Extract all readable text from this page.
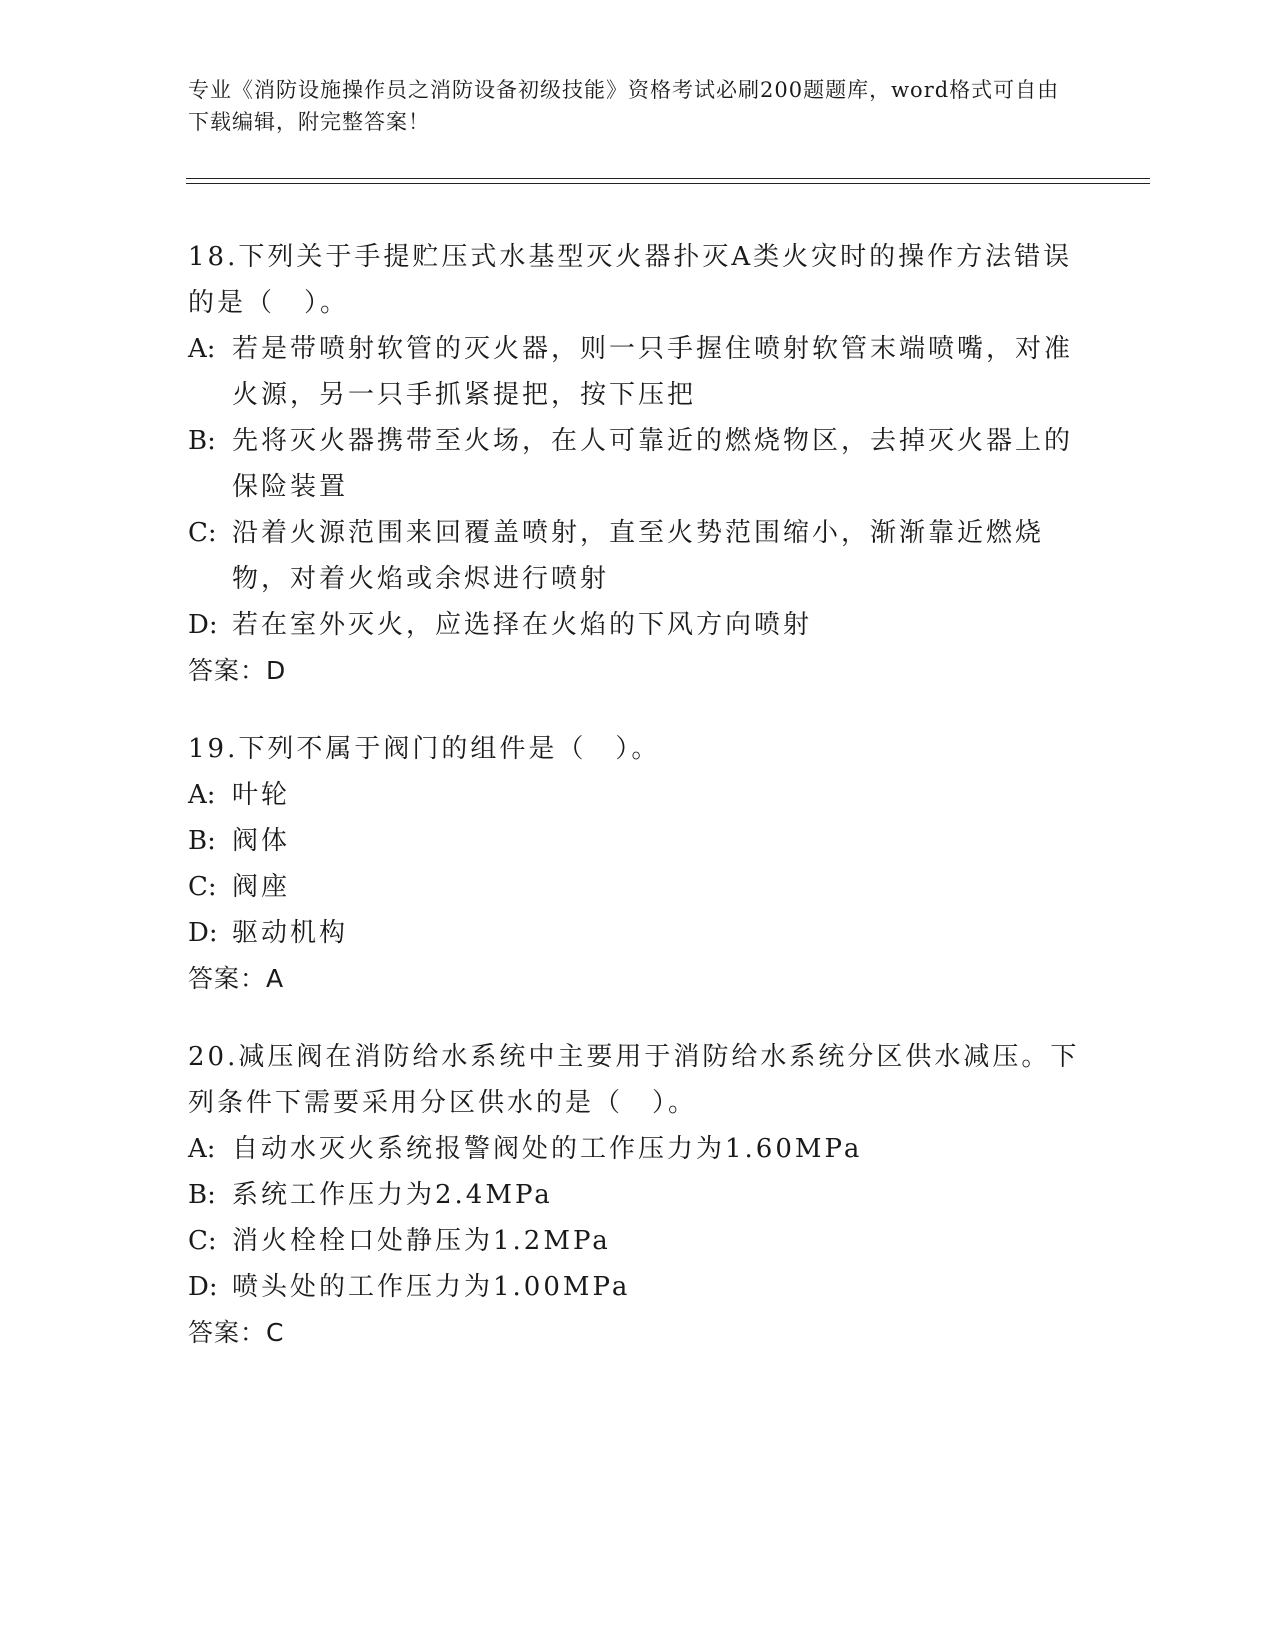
专业《消防设施操作员之消防设备初级技能》资格考试必刷200题题库，word格式可自由下载编辑，附完整答案！

18.下列关于手提贮压式水基型灭火器扑灭A类火灾时的操作方法错误的是（　）。

A: 若是带喷射软管的灭火器，则一只手握住喷射软管末端喷嘴，对准火源，另一只手抓紧提把，按下压把
B: 先将灭火器携带至火场，在人可靠近的燃烧物区，去掉灭火器上的保险装置
C: 沿着火源范围来回覆盖喷射，直至火势范围缩小，渐渐靠近燃烧物，对着火焰或余烬进行喷射
D: 若在室外灭火，应选择在火焰的下风方向喷射

答案：D

19.下列不属于阀门的组件是（　）。

A: 叶轮
B: 阀体
C: 阀座
D: 驱动机构

答案：A

20.减压阀在消防给水系统中主要用于消防给水系统分区供水减压。下列条件下需要采用分区供水的是（　）。

A: 自动水灭火系统报警阀处的工作压力为1.60MPa
B: 系统工作压力为2.4MPa
C: 消火栓栓口处静压为1.2MPa
D: 喷头处的工作压力为1.00MPa

答案：C
